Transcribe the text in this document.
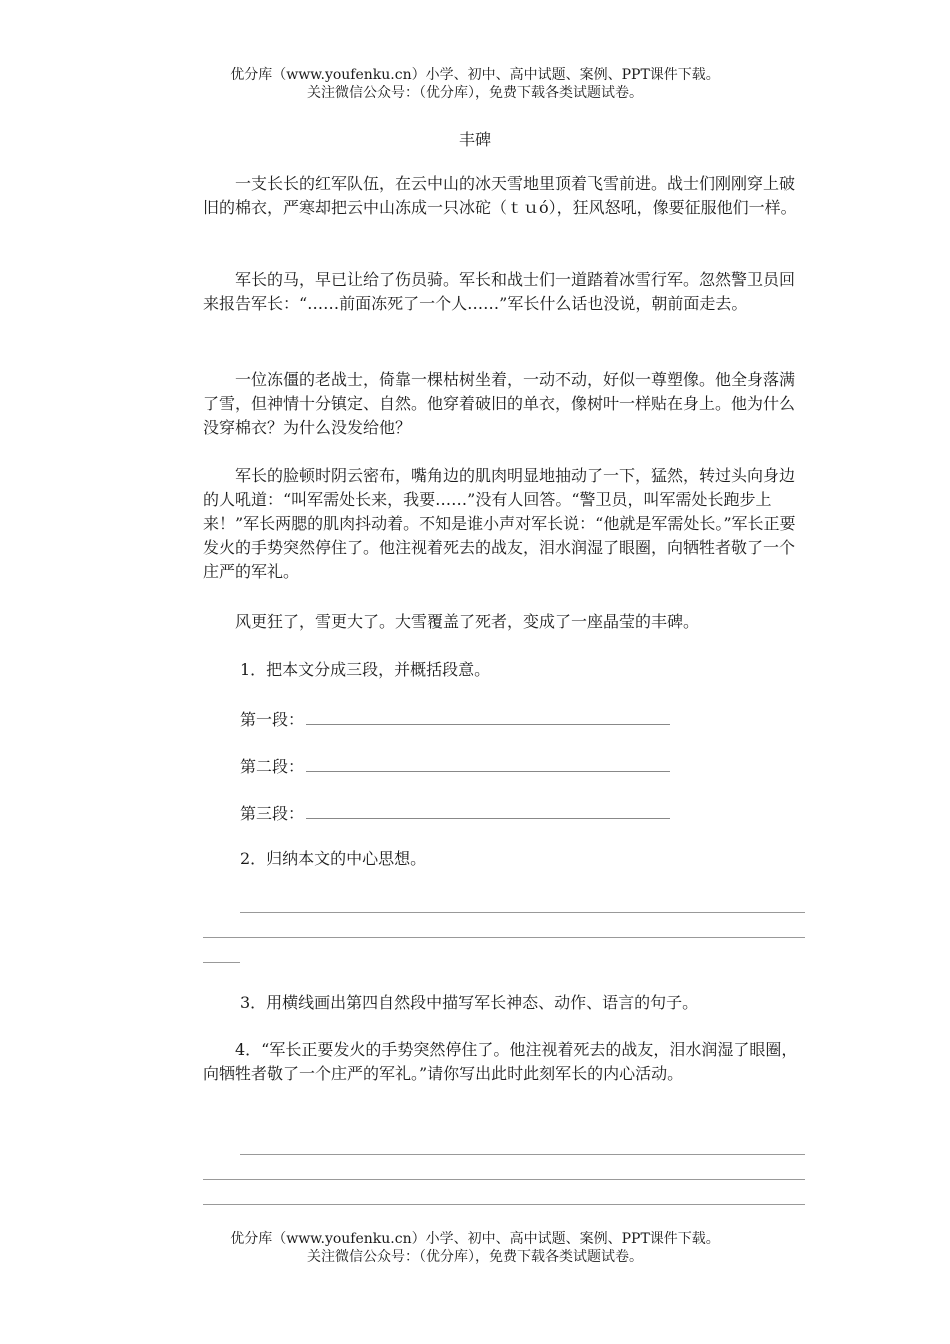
优分库（www.youfenku.cn）小学、初中、高中试题、案例、PPT课件下载。
关注微信公众号：（优分库），免费下载各类试题试卷。
丰碑

一支长长的红军队伍，在云中山的冰天雪地里顶着飞雪前进。战士们刚刚穿上破旧的棉衣，严寒却把云中山冻成一只冰砣（ｔｕó），狂风怒吼，像要征服他们一样。

军长的马，早已让给了伤员骑。军长和战士们一道踏着冰雪行军。忽然警卫员回来报告军长：“……前面冻死了一个人……”军长什么话也没说，朝前面走去。

一位冻僵的老战士，倚靠一棵枯树坐着，一动不动，好似一尊塑像。他全身落满了雪，但神情十分镇定、自然。他穿着破旧的单衣，像树叶一样贴在身上。他为什么没穿棉衣？为什么没发给他？

军长的脸顿时阴云密布，嘴角边的肌肉明显地抽动了一下，猛然，转过头向身边的人吼道：“叫军需处长来，我要……”没有人回答。“警卫员，叫军需处长跑步上来！”军长两腮的肌肉抖动着。不知是谁小声对军长说：“他就是军需处长。”军长正要发火的手势突然停住了。他注视着死去的战友，泪水润湿了眼圈，向牺牲者敬了一个庄严的军礼。

风更狂了，雪更大了。大雪覆盖了死者，变成了一座晶莹的丰碑。

1．把本文分成三段，并概括段意。
第一段：
第二段：
第三段：
2．归纳本文的中心思想。
3．用横线画出第四自然段中描写军长神态、动作、语言的句子。

4．“军长正要发火的手势突然停住了。他注视着死去的战友，泪水润湿了眼圈，向牺牲者敬了一个庄严的军礼。”请你写出此时此刻军长的内心活动。

优分库（www.youfenku.cn）小学、初中、高中试题、案例、PPT课件下载。
关注微信公众号：（优分库），免费下载各类试题试卷。
